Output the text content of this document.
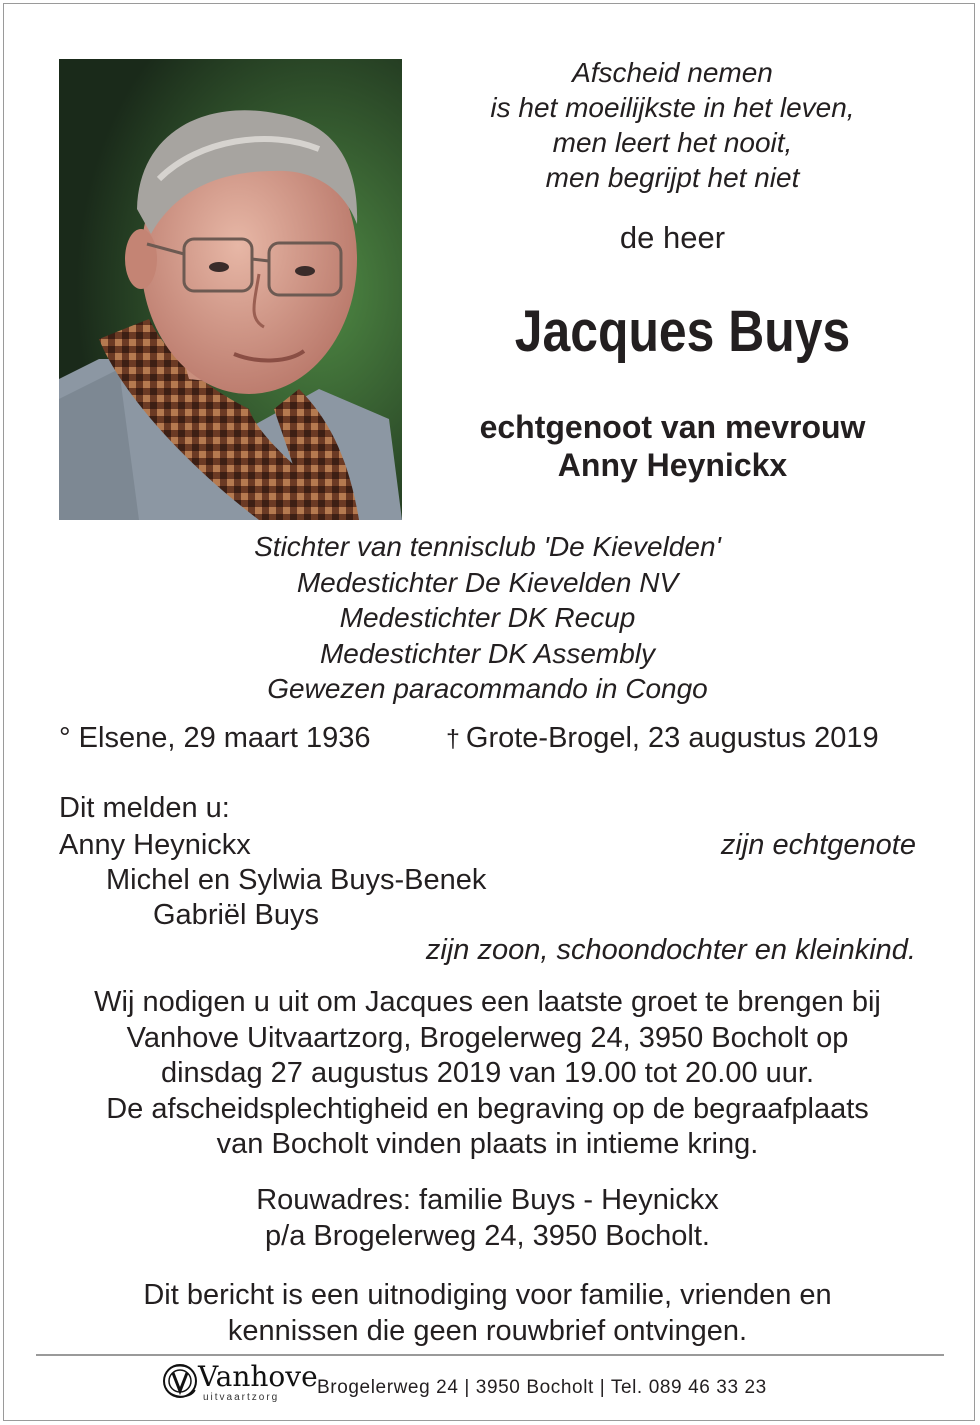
Afscheid nemen
is het moeilijkste in het leven,
men leert het nooit,
men begrijpt het niet
de heer
Jacques Buys
echtgenoot van mevrouw
Anny Heynickx
Stichter van tennisclub 'De Kievelden'
Medestichter De Kievelden NV
Medestichter DK Recup
Medestichter DK Assembly
Gewezen paracommando in Congo
° Elsene, 29 maart 1936	† Grote-Brogel, 23 augustus 2019
Dit melden u:
Anny Heynickx	zijn echtgenote
Michel en Sylwia Buys-Benek
Gabriël Buys
zijn zoon, schoondochter en kleinkind.
Wij nodigen u uit om Jacques een laatste groet te brengen bij
Vanhove Uitvaartzorg, Brogelerweg 24, 3950 Bocholt op
dinsdag 27 augustus 2019 van 19.00 tot 20.00 uur.
De afscheidsplechtigheid en begraving op de begraafplaats
van Bocholt vinden plaats in intieme kring.
Rouwadres: familie Buys - Heynickx
p/a Brogelerweg 24, 3950 Bocholt.
Dit bericht is een uitnodiging voor familie, vrienden en
kennissen die geen rouwbrief ontvingen.
Vanhove
uitvaartzorg Brogelerweg 24 | 3950 Bocholt | Tel. 089 46 33 23
